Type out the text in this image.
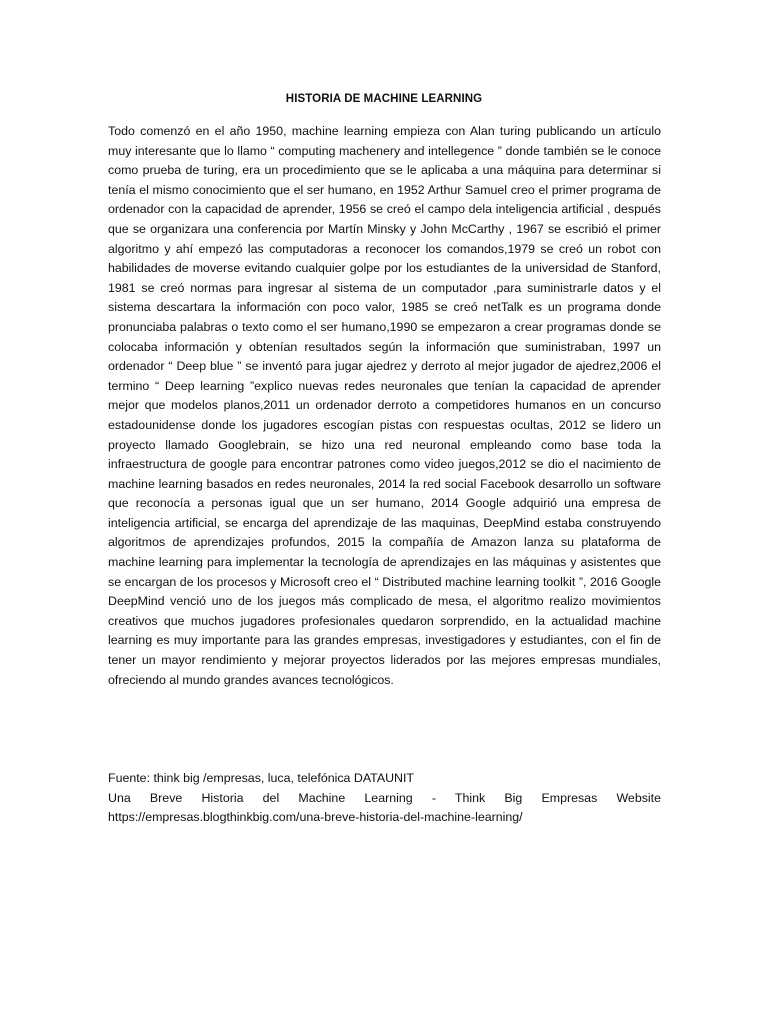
HISTORIA DE MACHINE LEARNING
Todo comenzó en el año 1950, machine learning empieza con Alan turing publicando un artículo muy interesante que lo llamo “ computing machenery and intellegence ” donde también se le conoce como prueba de turing, era un procedimiento que se le aplicaba a una máquina para determinar si tenía el mismo conocimiento que el ser humano, en 1952 Arthur Samuel creo el primer programa de ordenador con la capacidad de aprender, 1956 se creó el campo dela inteligencia artificial , después que se organizara una conferencia por Martín Minsky y John McCarthy , 1967 se escribió el primer algoritmo y ahí empezó las computadoras a reconocer los comandos,1979 se creó un robot con habilidades de moverse evitando cualquier golpe por los estudiantes de la universidad de Stanford, 1981 se creó normas para ingresar al sistema de un computador ,para suministrarle datos y el sistema descartara la información con poco valor, 1985 se creó netTalk es un programa donde pronunciaba palabras o texto como el ser humano,1990 se empezaron a crear programas donde se colocaba información y obtenían resultados según la información que suministraban, 1997 un ordenador “ Deep blue ” se inventó para jugar ajedrez y derroto al mejor jugador de ajedrez,2006 el termino “ Deep learning ”explico nuevas redes neuronales que tenían la capacidad de aprender mejor que modelos planos,2011 un ordenador derroto a competidores humanos en un concurso estadounidense donde los jugadores escogían pistas con respuestas ocultas, 2012 se lidero un proyecto llamado Googlebrain, se hizo una red neuronal empleando como base toda la infraestructura de google para encontrar patrones como video juegos,2012 se dio el nacimiento de machine learning basados en redes neuronales, 2014 la red social Facebook desarrollo un software que reconocía a personas igual que un ser humano, 2014 Google adquirió una empresa de inteligencia artificial, se encarga del aprendizaje de las maquinas, DeepMind estaba construyendo algoritmos de aprendizajes profundos, 2015 la compañía de Amazon lanza su plataforma de machine learning para implementar la tecnología de aprendizajes en las máquinas y asistentes que se encargan de los procesos y Microsoft creo el “ Distributed machine learning toolkit ”, 2016 Google DeepMind venció uno de los juegos más complicado de mesa, el algoritmo realizo movimientos creativos que muchos jugadores profesionales quedaron sorprendido, en la actualidad machine learning es muy importante para las grandes empresas, investigadores y estudiantes, con el fin de tener un mayor rendimiento y mejorar proyectos liderados por las mejores empresas mundiales, ofreciendo al mundo grandes avances tecnológicos.
Fuente: think big /empresas, luca, telefónica DATAUNIT
Una Breve Historia del Machine Learning - Think Big Empresas Website
https://empresas.blogthinkbig.com/una-breve-historia-del-machine-learning/
